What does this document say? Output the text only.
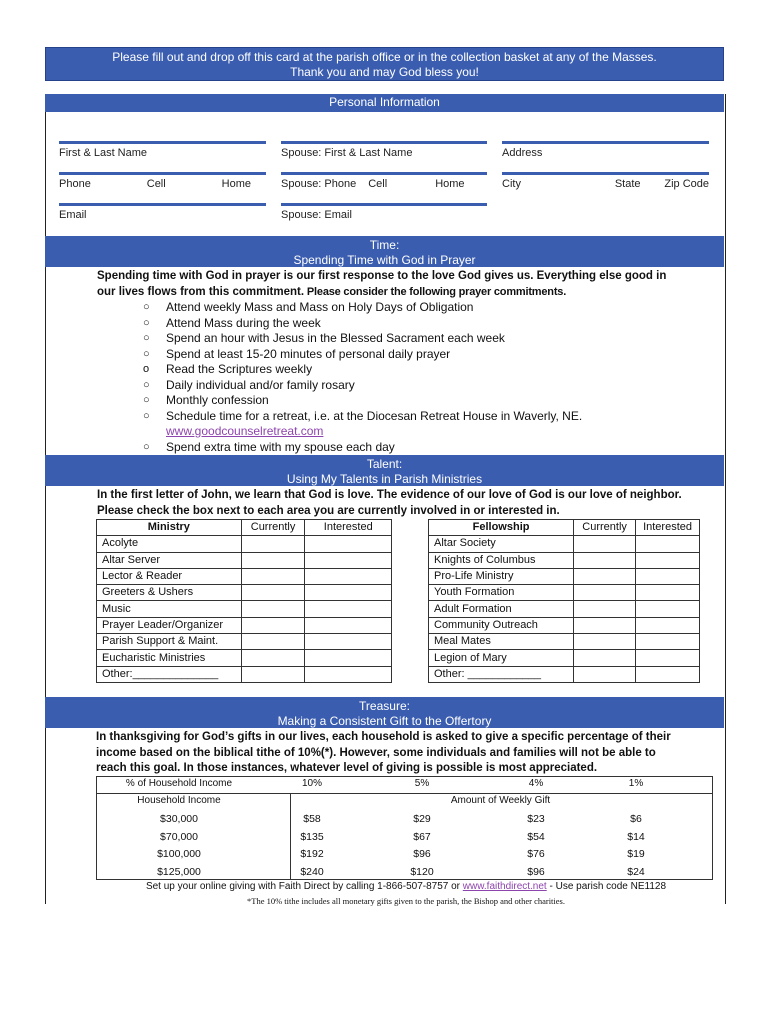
Please fill out and drop off this card at the parish office or in the collection basket at any of the Masses.
Thank you and may God bless you!
Personal Information
First & Last Name	Spouse: First & Last Name	Address
Phone	Cell	Home	Spouse: Phone Cell	Home	City	State Zip Code
Email	Spouse: Email
Time:
Spending Time with God in Prayer
Spending time with God in prayer is our first response to the love God gives us. Everything else good in
our lives flows from this commitment. Please consider the following prayer commitments.
○ Attend weekly Mass and Mass on Holy Days of Obligation
○ Attend Mass during the week
○ Spend an hour with Jesus in the Blessed Sacrament each week
○ Spend at least 15-20 minutes of personal daily prayer
o Read the Scriptures weekly
○ Daily individual and/or family rosary
○ Monthly confession
○ Schedule time for a retreat, i.e. at the Diocesan Retreat House in Waverly, NE.
www.goodcounselretreat.com
○ Spend extra time with my spouse each day
Talent:
Using My Talents in Parish Ministries
In the first letter of John, we learn that God is love. The evidence of our love of God is our love of neighbor.
Please check the box next to each area you are currently involved in or interested in.
Ministry	Currently	Interested
Acolyte		
Altar Server		
Lector & Reader		
Greeters & Ushers		
Music		
Prayer Leader/Organizer		
Parish Support & Maint.		
Eucharistic Ministries		
Other:______________		
Fellowship	Currently	Interested
Altar Society		
Knights of Columbus		
Pro-Life Ministry		
Youth Formation		
Adult Formation		
Community Outreach		
Meal Mates		
Legion of Mary		
Other: ____________		
Treasure:
Making a Consistent Gift to the Offertory
In thanksgiving for God’s gifts in our lives, each household is asked to give a specific percentage of their
income based on the biblical tithe of 10%(*). However, some individuals and families will not be able to
reach this goal. In those instances, whatever level of giving is possible is most appreciated.
% of Household Income	10%	5%	4%	1%
Household Income	Amount of Weekly Gift
$30,000	$58	$29	$23	$6
$70,000	$135	$67	$54	$14
$100,000	$192	$96	$76	$19
$125,000	$240	$120	$96	$24
Set up your online giving with Faith Direct by calling 1-866-507-8757 or www.faithdirect.net - Use parish code NE1128
*The 10% tithe includes all monetary gifts given to the parish, the Bishop and other charities.
